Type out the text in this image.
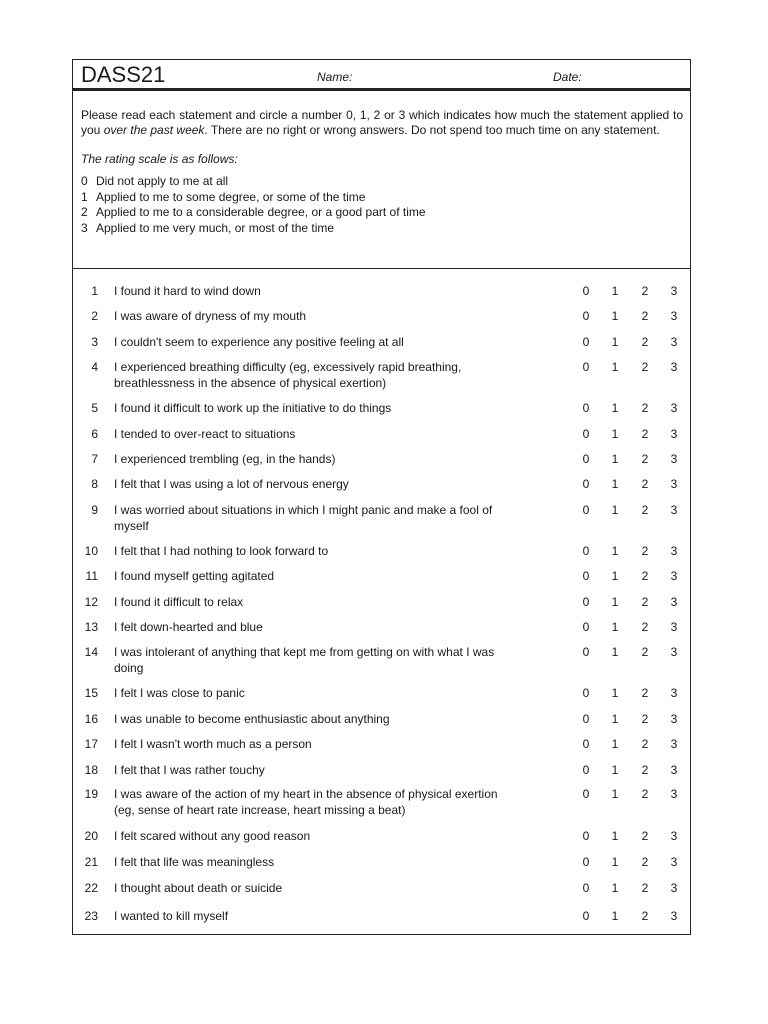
DASS21	Name:	Date:

Please read each statement and circle a number 0, 1, 2 or 3 which indicates how much the statement applied to you over the past week. There are no right or wrong answers. Do not spend too much time on any statement.

The rating scale is as follows:
0 Did not apply to me at all
1 Applied to me to some degree, or some of the time
2 Applied to me to a considerable degree, or a good part of time
3 Applied to me very much, or most of the time
1 I found it hard to wind down	0	1	2	3
2 I was aware of dryness of my mouth	0	1	2	3
3 I couldn't seem to experience any positive feeling at all	0	1	2	3
4 I experienced breathing difficulty (eg, excessively rapid breathing, breathlessness in the absence of physical exertion)
0	1	2	3
5 I found it difficult to work up the initiative to do things	0	1	2	3
6 I tended to over-react to situations	0	1	2	3
7 I experienced trembling (eg, in the hands)	0	1	2	3
8 I felt that I was using a lot of nervous energy	0	1	2	3
9 I was worried about situations in which I might panic and make a fool of myself
0	1	2	3
10 I felt that I had nothing to look forward to	0	1	2	3
11 I found myself getting agitated	0	1	2	3
12 I found it difficult to relax	0	1	2	3
13 I felt down-hearted and blue	0	1	2	3
14 I was intolerant of anything that kept me from getting on with what I was doing
0	1	2	3
15 I felt I was close to panic	0	1	2	3
16 I was unable to become enthusiastic about anything	0	1	2	3
17 I felt I wasn't worth much as a person	0	1	2	3
18 I felt that I was rather touchy	0	1	2	3
19 I was aware of the action of my heart in the absence of physical exertion (eg, sense of heart rate increase, heart missing a beat)
0	1	2	3
20 I felt scared without any good reason	0	1	2	3
21 I felt that life was meaningless	0	1	2	3
22 I thought about death or suicide	0	1	2	3
23 I wanted to kill myself	0	1	2	3
